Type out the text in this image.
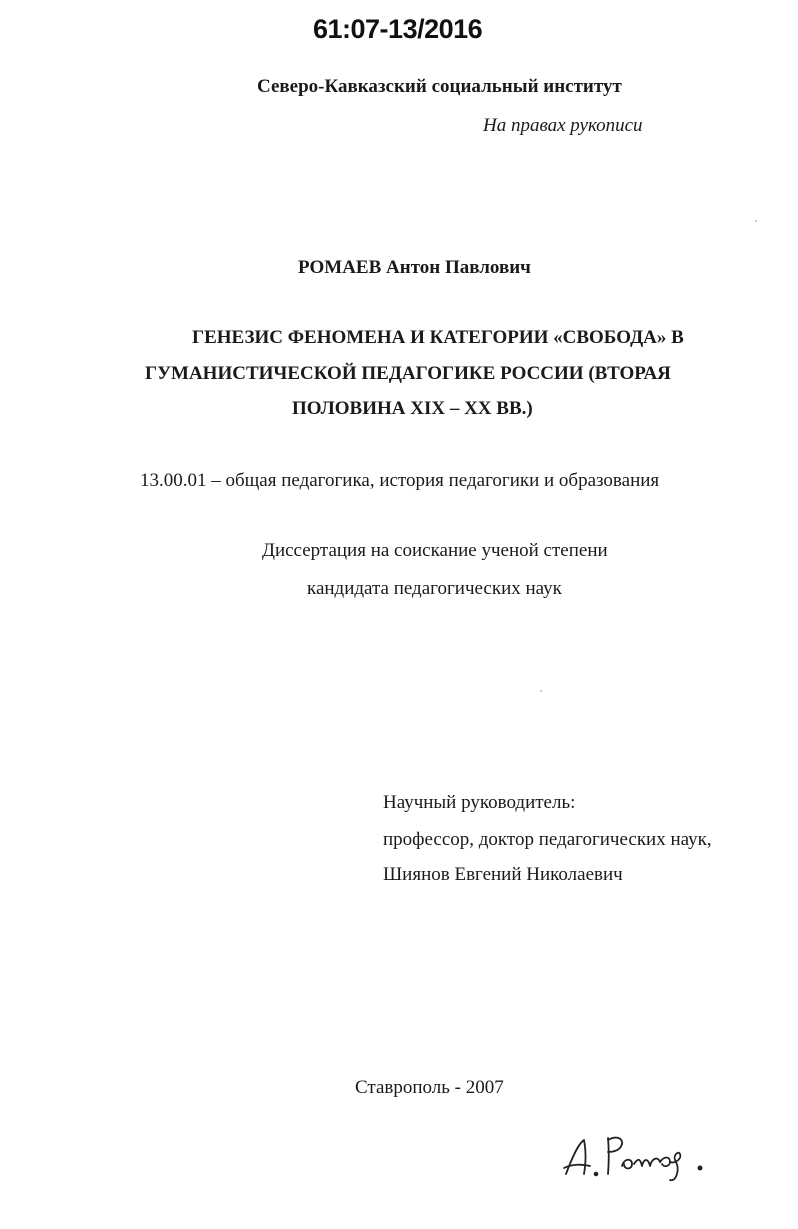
61:07-13/2016
Северо-Кавказский социальный институт
На правах рукописи
РОМАЕВ Антон Павлович
ГЕНЕЗИС ФЕНОМЕНА И КАТЕГОРИИ «СВОБОДА» В
ГУМАНИСТИЧЕСКОЙ ПЕДАГОГИКЕ РОССИИ (ВТОРАЯ
ПОЛОВИНА XIX – XX ВВ.)
13.00.01 – общая педагогика, история педагогики и образования
Диссертация на соискание ученой степени
кандидата педагогических наук
Научный руководитель:
профессор, доктор педагогических наук,
Шиянов Евгений Николаевич
Ставрополь - 2007
